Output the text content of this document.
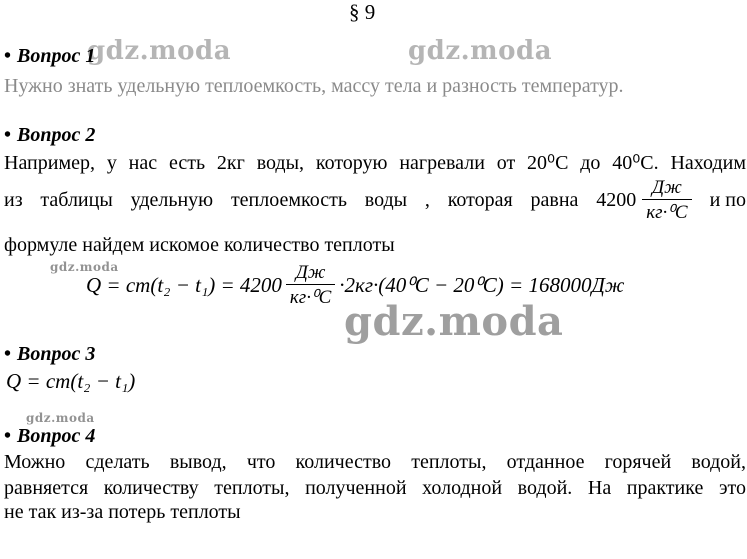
§ 9
gdz.moda	gdz.moda
gdz.moda
gdz.moda
gdz.moda
• Вопрос 1
Нужно знать удельную теплоемкость, массу тела и разность температур.
• Вопрос 2
Например, у нас есть 2кг воды, которую нагревали от 20⁰С до 40⁰С. Находим
из таблицы удельную теплоемкость воды , которая равна $4200 \frac{Дж}{\text{кг·⁰С}}$ и по
формуле найдем искомое количество теплоты
$Q = cm(t_2 - t_1) = 4200 \frac{Дж}{\text{кг·⁰С}} \cdot 2кг\cdot(40^0С - 20^0С) = 168000Дж$
• Вопрос 3
Q = cm(t₂ − t₁)
• Вопрос 4
Можно сделать вывод, что количество теплоты, отданное горячей водой,
равняется количеству теплоты, полученной холодной водой. На практике это
не так из-за потерь теплоты
